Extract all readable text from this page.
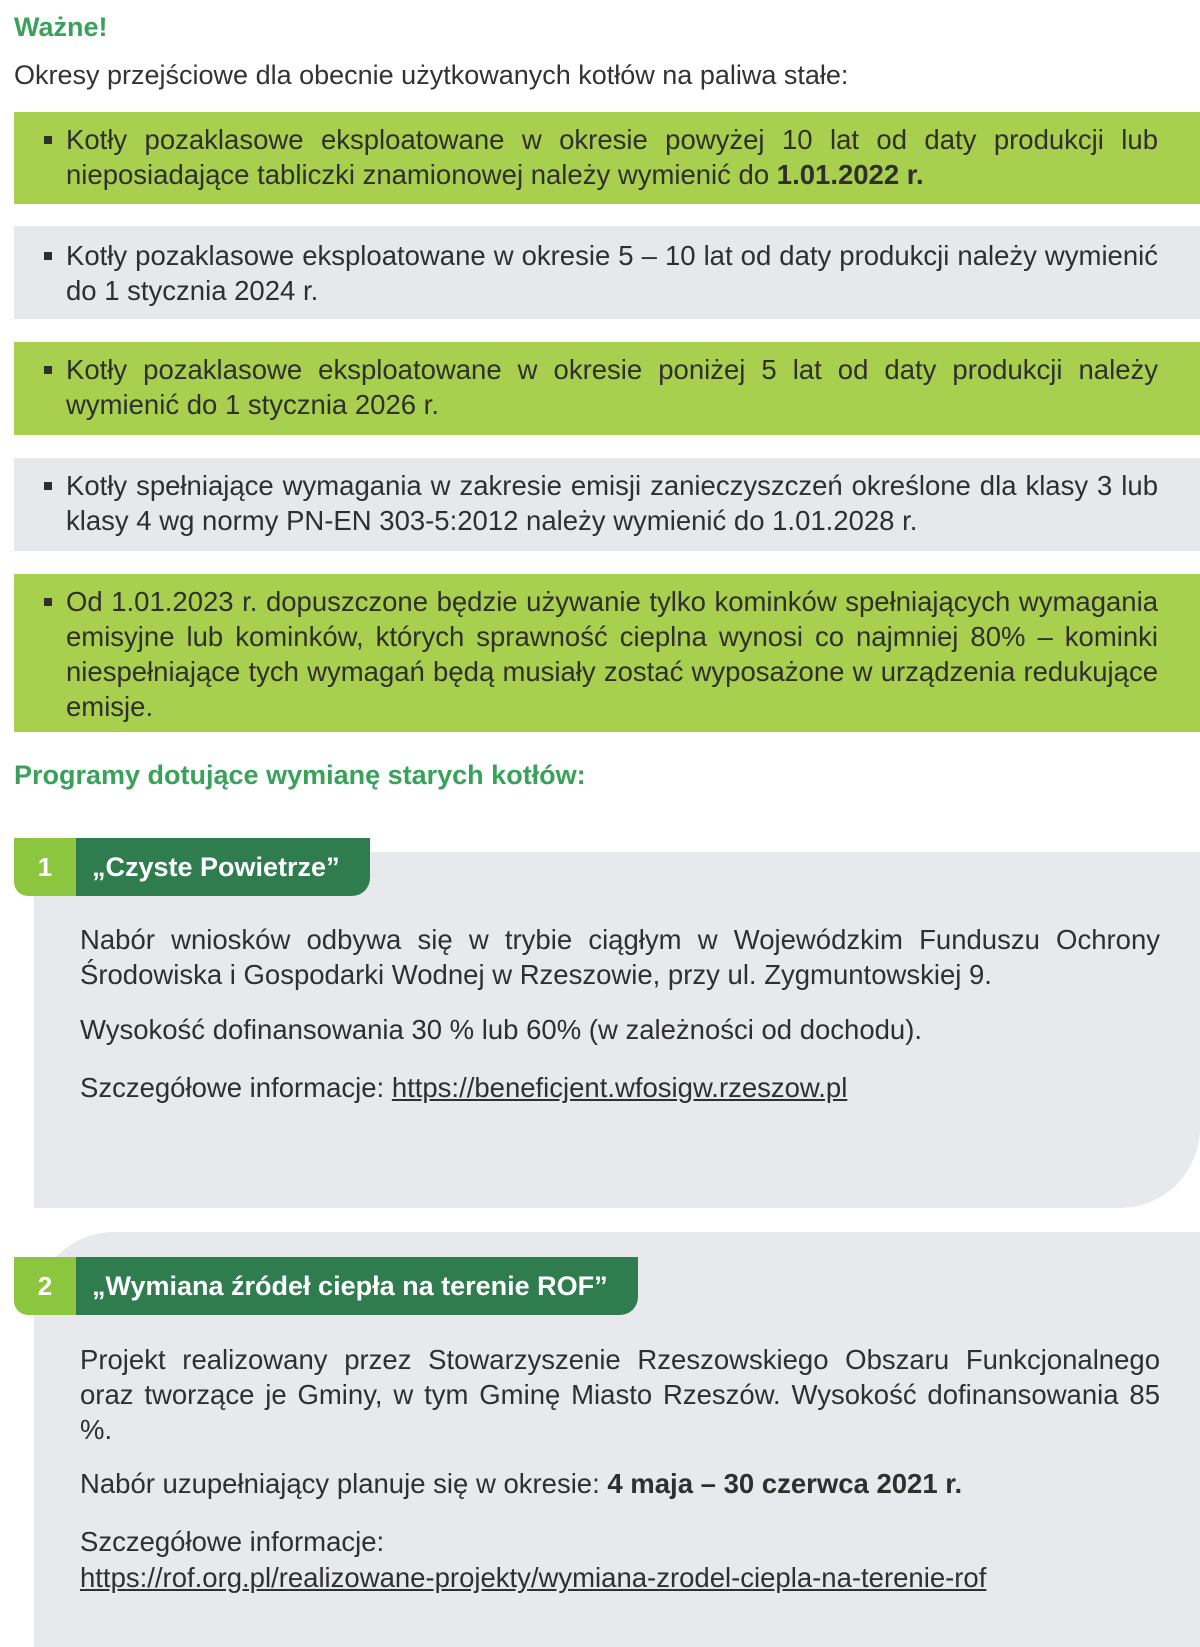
Ważne!
Okresy przejściowe dla obecnie użytkowanych kotłów na paliwa stałe:
Kotły pozaklasowe eksploatowane w okresie powyżej 10 lat od daty produkcji lub nieposiadające tabliczki znamionowej należy wymienić do 1.01.2022 r.
Kotły pozaklasowe eksploatowane w okresie 5 – 10 lat od daty produkcji należy wymienić do 1 stycznia 2024 r.
Kotły pozaklasowe eksploatowane w okresie poniżej 5 lat od daty produkcji należy wymienić do 1 stycznia 2026 r.
Kotły spełniające wymagania w zakresie emisji zanieczyszczeń określone dla klasy 3 lub klasy 4 wg normy PN-EN 303-5:2012 należy wymienić do 1.01.2028 r.
Od 1.01.2023 r. dopuszczone będzie używanie tylko kominków spełniających wymagania emisyjne lub kominków, których sprawność cieplna wynosi co najmniej 80% – kominki niespełniające tych wymagań będą musiały zostać wyposażone w urządzenia redukujące emisje.
Programy dotujące wymianę starych kotłów:
1	„Czyste Powietrze”
Nabór wniosków odbywa się w trybie ciągłym w Wojewódzkim Funduszu Ochrony Środowiska i Gospodarki Wodnej w Rzeszowie, przy ul. Zygmuntowskiej 9.
Wysokość dofinansowania 30 % lub 60% (w zależności od dochodu).
Szczegółowe informacje: https://beneficjent.wfosigw.rzeszow.pl
2	„Wymiana źródeł ciepła na terenie ROF”
Projekt realizowany przez Stowarzyszenie Rzeszowskiego Obszaru Funkcjonalnego oraz tworzące je Gminy, w tym Gminę Miasto Rzeszów. Wysokość dofinansowania 85 %.
Nabór uzupełniający planuje się w okresie: 4 maja – 30 czerwca 2021 r.
Szczegółowe informacje:
https://rof.org.pl/realizowane-projekty/wymiana-zrodel-ciepla-na-terenie-rof
